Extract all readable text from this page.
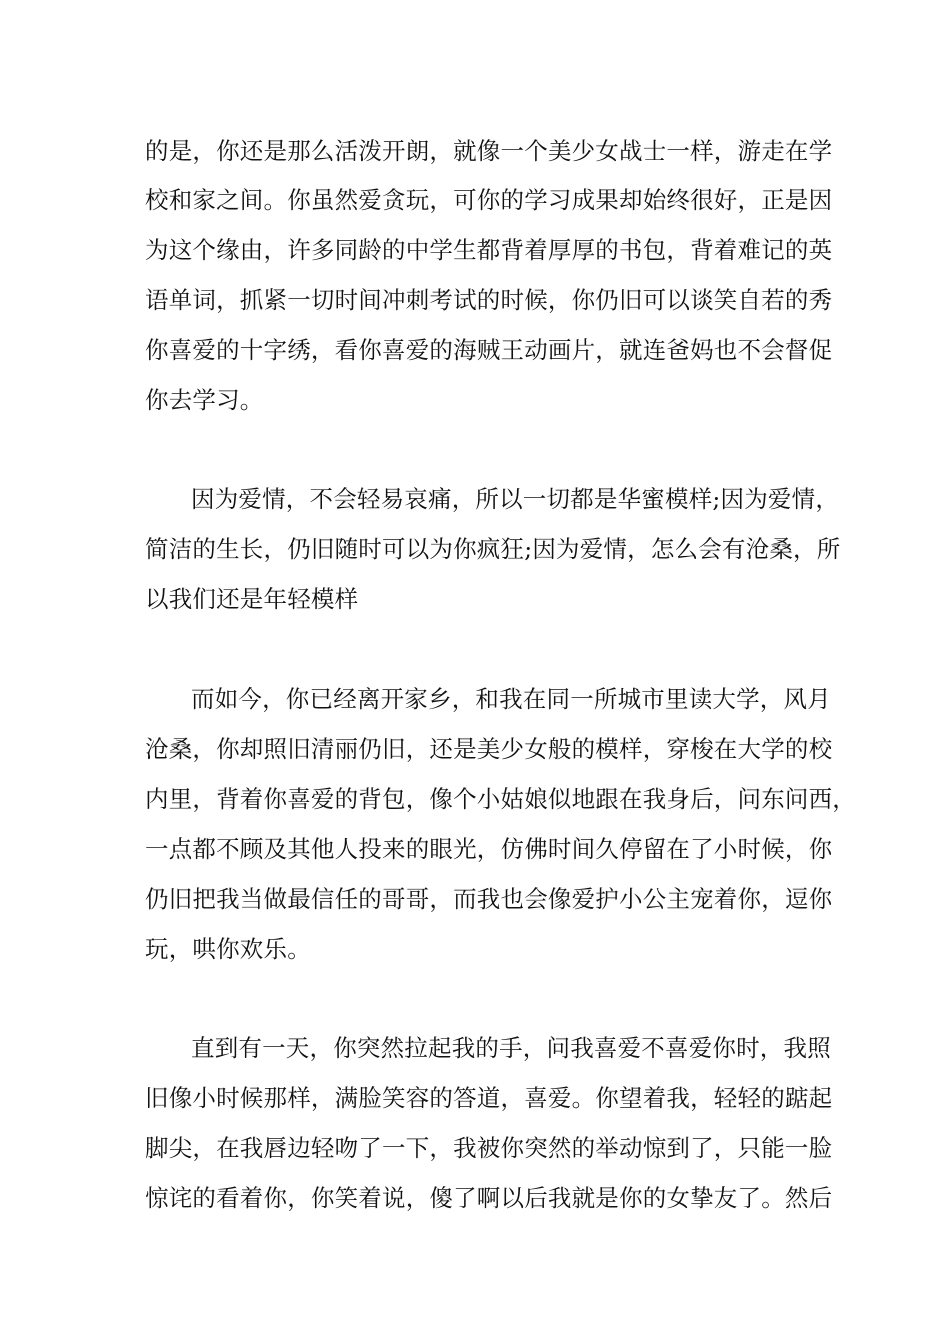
的是，你还是那么活泼开朗，就像一个美少女战士一样，游走在学
校和家之间。你虽然爱贪玩，可你的学习成果却始终很好，正是因
为这个缘由，许多同龄的中学生都背着厚厚的书包，背着难记的英
语单词，抓紧一切时间冲刺考试的时候，你仍旧可以谈笑自若的秀
你喜爱的十字绣，看你喜爱的海贼王动画片，就连爸妈也不会督促
你去学习。
因为爱情，不会轻易哀痛，所以一切都是华蜜模样;因为爱情，
简洁的生长，仍旧随时可以为你疯狂;因为爱情，怎么会有沧桑，所
以我们还是年轻模样
而如今，你已经离开家乡，和我在同一所城市里读大学，风月
沧桑，你却照旧清丽仍旧，还是美少女般的模样，穿梭在大学的校
内里，背着你喜爱的背包，像个小姑娘似地跟在我身后，问东问西，
一点都不顾及其他人投来的眼光，仿佛时间久停留在了小时候，你
仍旧把我当做最信任的哥哥，而我也会像爱护小公主宠着你，逗你
玩，哄你欢乐。
直到有一天，你突然拉起我的手，问我喜爱不喜爱你时，我照
旧像小时候那样，满脸笑容的答道，喜爱。你望着我，轻轻的踮起
脚尖，在我唇边轻吻了一下，我被你突然的举动惊到了，只能一脸
惊诧的看着你，你笑着说，傻了啊以后我就是你的女挚友了。然后
